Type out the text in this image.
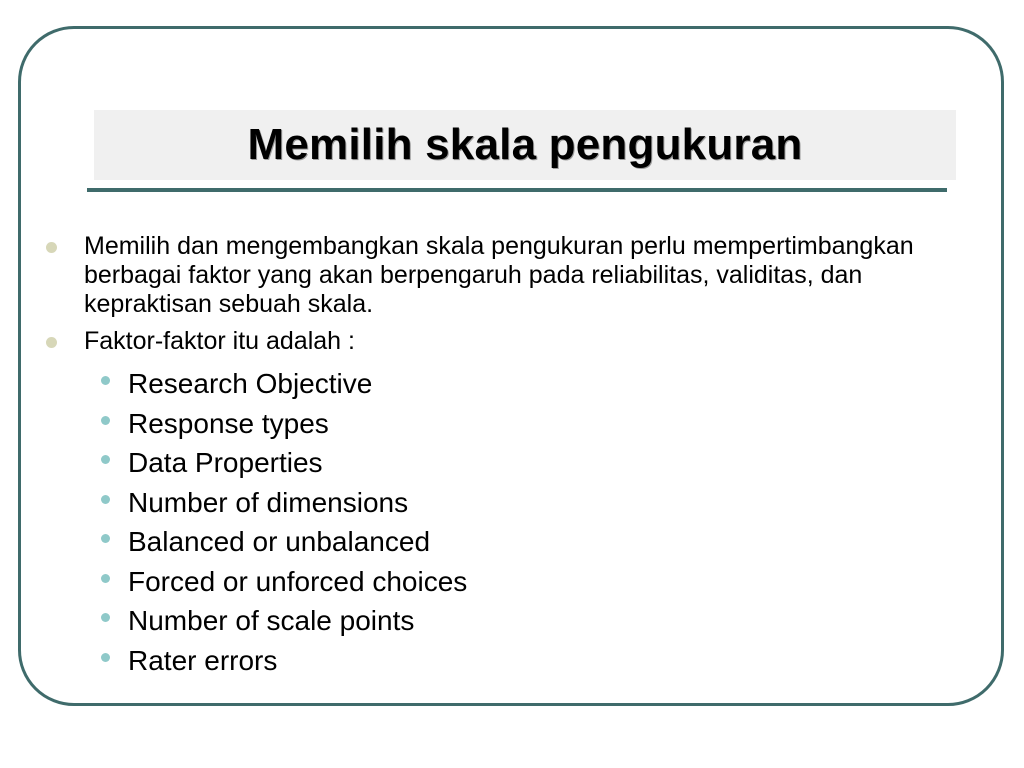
Memilih skala pengukuran
Memilih dan mengembangkan skala pengukuran perlu mempertimbangkan berbagai faktor yang akan berpengaruh pada reliabilitas, validitas, dan kepraktisan sebuah skala.
Faktor-faktor itu adalah :
Research Objective
Response types
Data Properties
Number of dimensions
Balanced or unbalanced
Forced or unforced choices
Number of scale points
Rater errors
